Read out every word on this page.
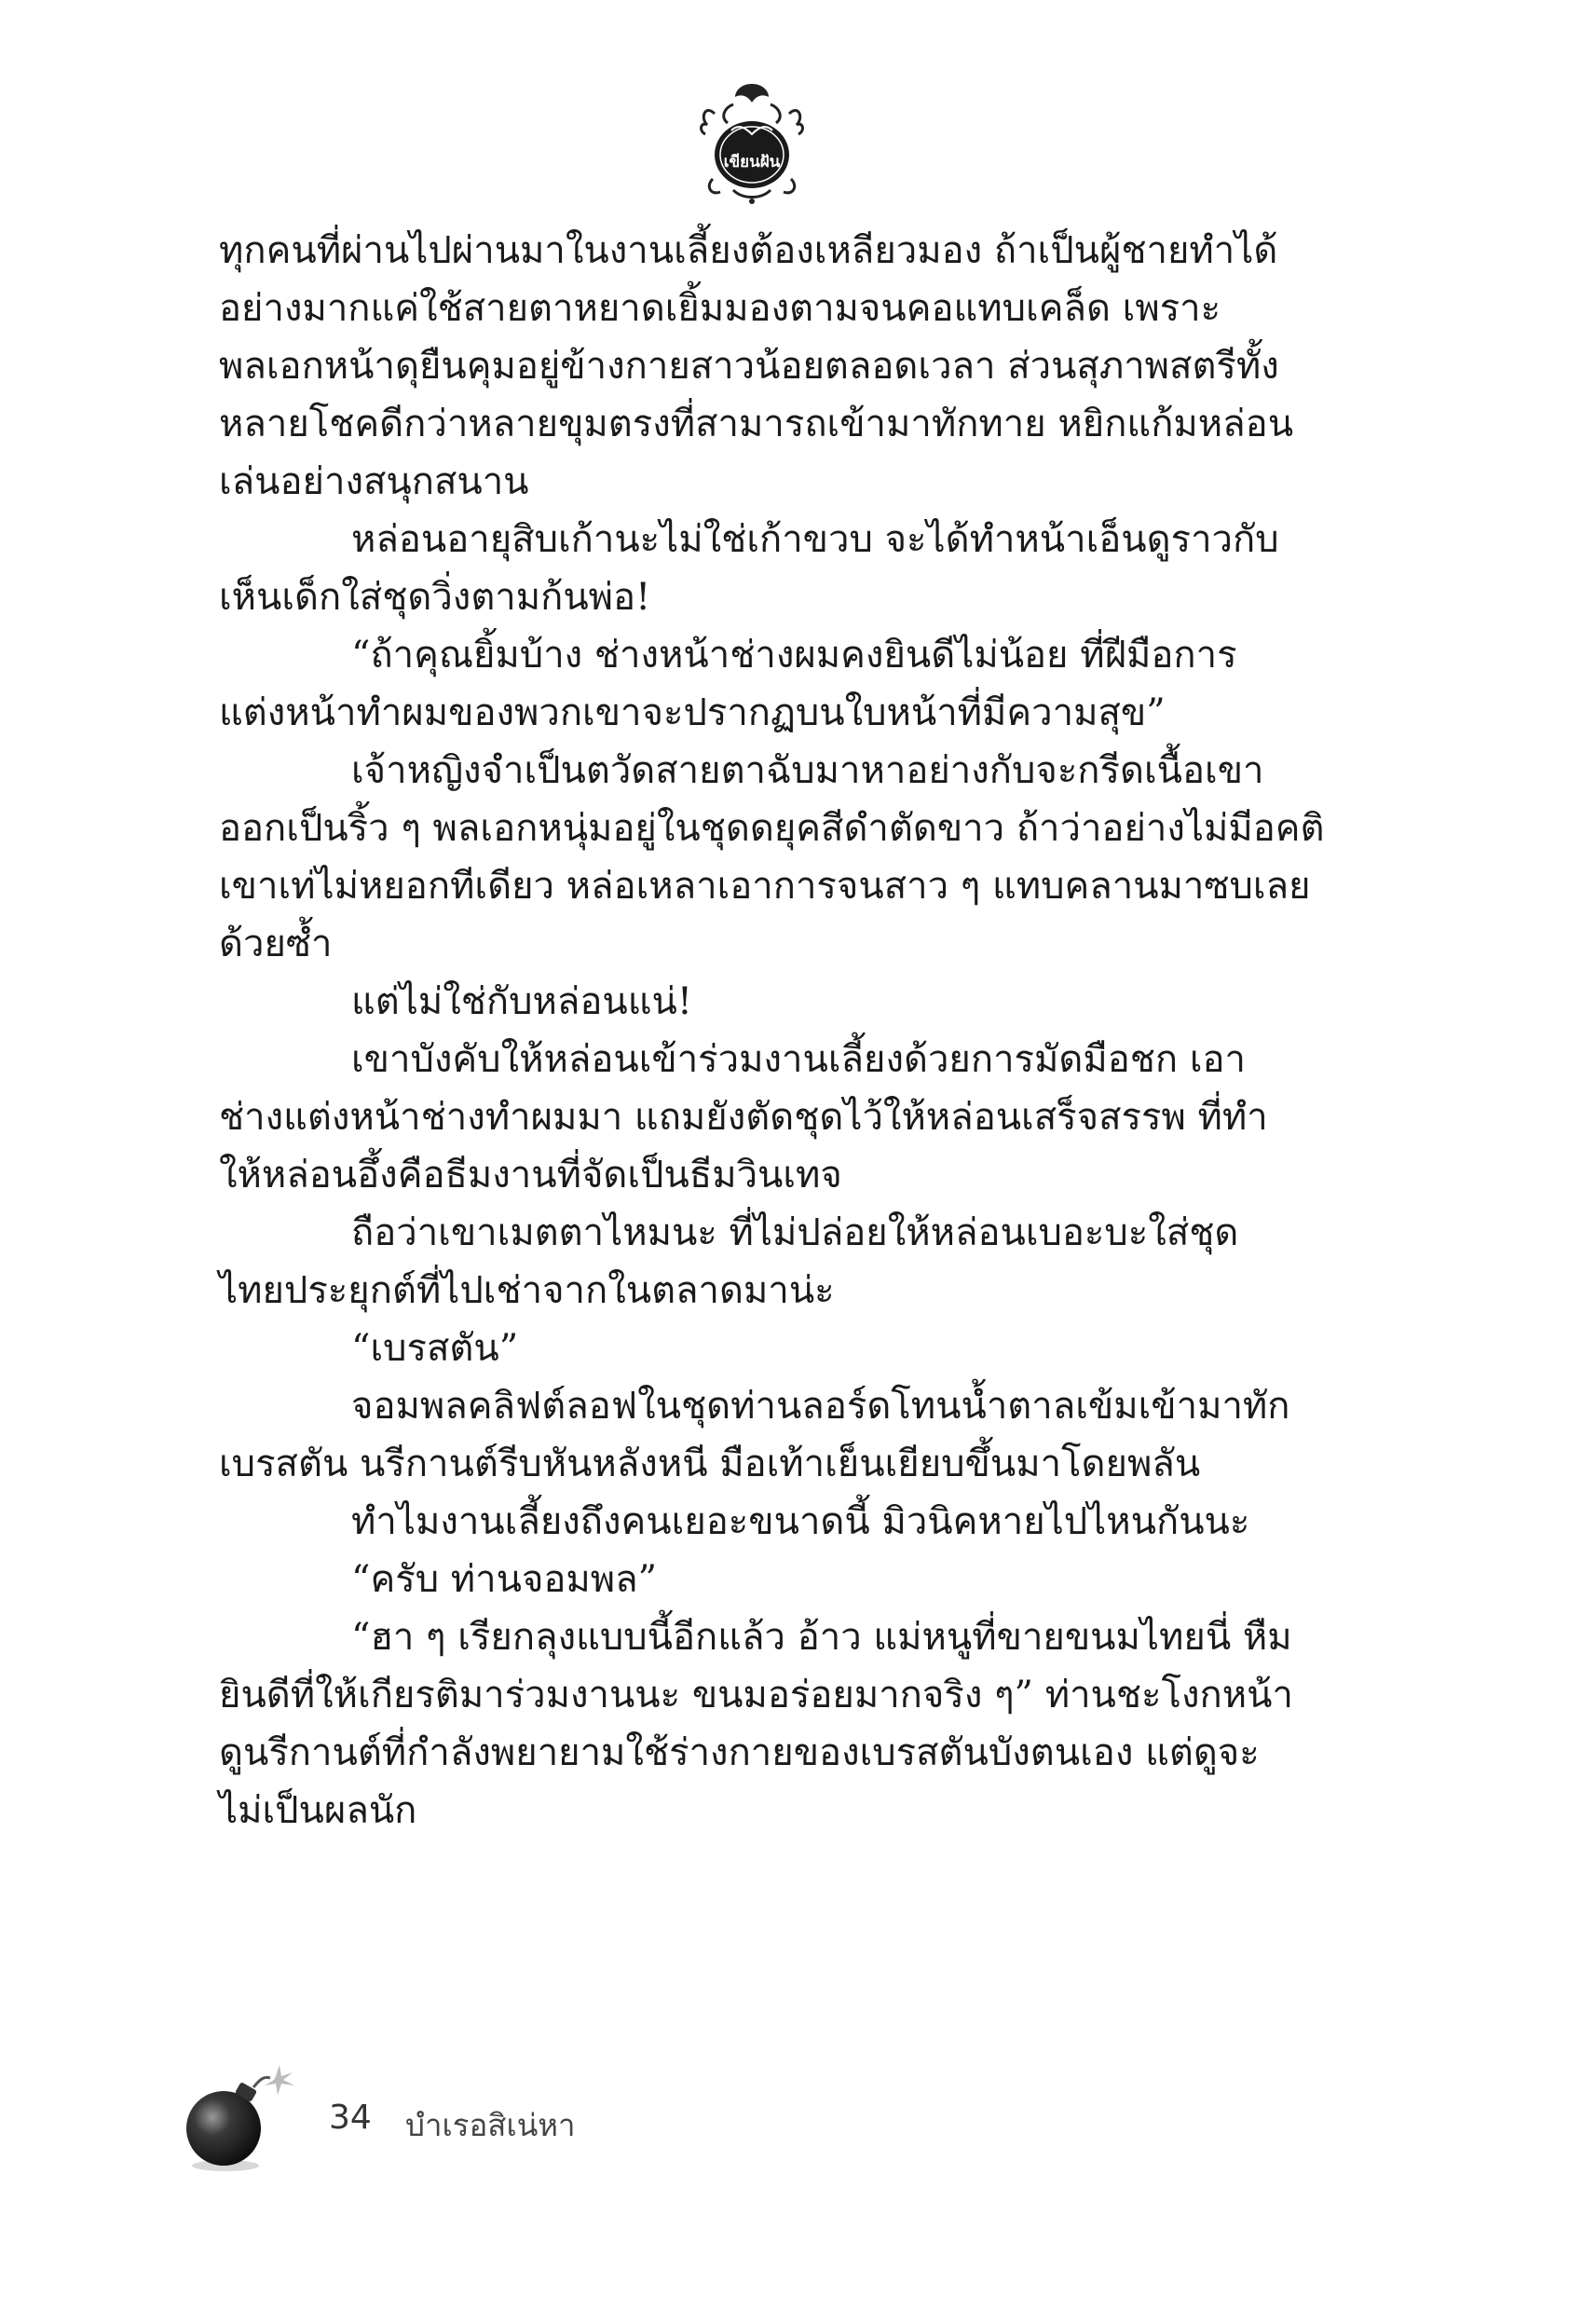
เขียนฝัน

ทุกคนที่ผ่านไปผ่านมาในงานเลี้ยงต้องเหลียวมอง ถ้าเป็นผู้ชายทำได้

อย่างมากแค่ใช้สายตาหยาดเยิ้มมองตามจนคอแทบเคล็ด เพราะ

พลเอกหน้าดุยืนคุมอยู่ข้างกายสาวน้อยตลอดเวลา ส่วนสุภาพสตรีทั้ง

หลายโชคดีกว่าหลายขุมตรงที่สามารถเข้ามาทักทาย หยิกแก้มหล่อน

เล่นอย่างสนุกสนาน

หล่อนอายุสิบเก้านะไม่ใช่เก้าขวบ จะได้ทำหน้าเอ็นดูราวกับ

เห็นเด็กใส่ชุดวิ่งตามก้นพ่อ!

“ถ้าคุณยิ้มบ้าง ช่างหน้าช่างผมคงยินดีไม่น้อย ที่ฝีมือการ

แต่งหน้าทำผมของพวกเขาจะปรากฏบนใบหน้าที่มีความสุข”

เจ้าหญิงจำเป็นตวัดสายตาฉับมาหาอย่างกับจะกรีดเนื้อเขา

ออกเป็นริ้ว ๆ พลเอกหนุ่มอยู่ในชุดดยุคสีดำตัดขาว ถ้าว่าอย่างไม่มีอคติ

เขาเท่ไม่หยอกทีเดียว หล่อเหลาเอาการจนสาว ๆ แทบคลานมาซบเลย

ด้วยซ้ำ

แต่ไม่ใช่กับหล่อนแน่!

เขาบังคับให้หล่อนเข้าร่วมงานเลี้ยงด้วยการมัดมือชก เอา

ช่างแต่งหน้าช่างทำผมมา แถมยังตัดชุดไว้ให้หล่อนเสร็จสรรพ ที่ทำ

ให้หล่อนอึ้งคือธีมงานที่จัดเป็นธีมวินเทจ

ถือว่าเขาเมตตาไหมนะ ที่ไม่ปล่อยให้หล่อนเบอะบะใส่ชุด

ไทยประยุกต์ที่ไปเช่าจากในตลาดมาน่ะ

“เบรสตัน”

จอมพลคลิฟต์ลอฟในชุดท่านลอร์ดโทนน้ำตาลเข้มเข้ามาทัก

เบรสตัน นรีกานต์รีบหันหลังหนี มือเท้าเย็นเยียบขึ้นมาโดยพลัน

ทำไมงานเลี้ยงถึงคนเยอะขนาดนี้ มิวนิคหายไปไหนกันนะ

“ครับ ท่านจอมพล”

“ฮา ๆ เรียกลุงแบบนี้อีกแล้ว อ้าว แม่หนูที่ขายขนมไทยนี่ หืม

ยินดีที่ให้เกียรติมาร่วมงานนะ ขนมอร่อยมากจริง ๆ” ท่านชะโงกหน้า

ดูนรีกานต์ที่กำลังพยายามใช้ร่างกายของเบรสตันบังตนเอง แต่ดูจะ

ไม่เป็นผลนัก

34 บำเรอสิเน่หา
